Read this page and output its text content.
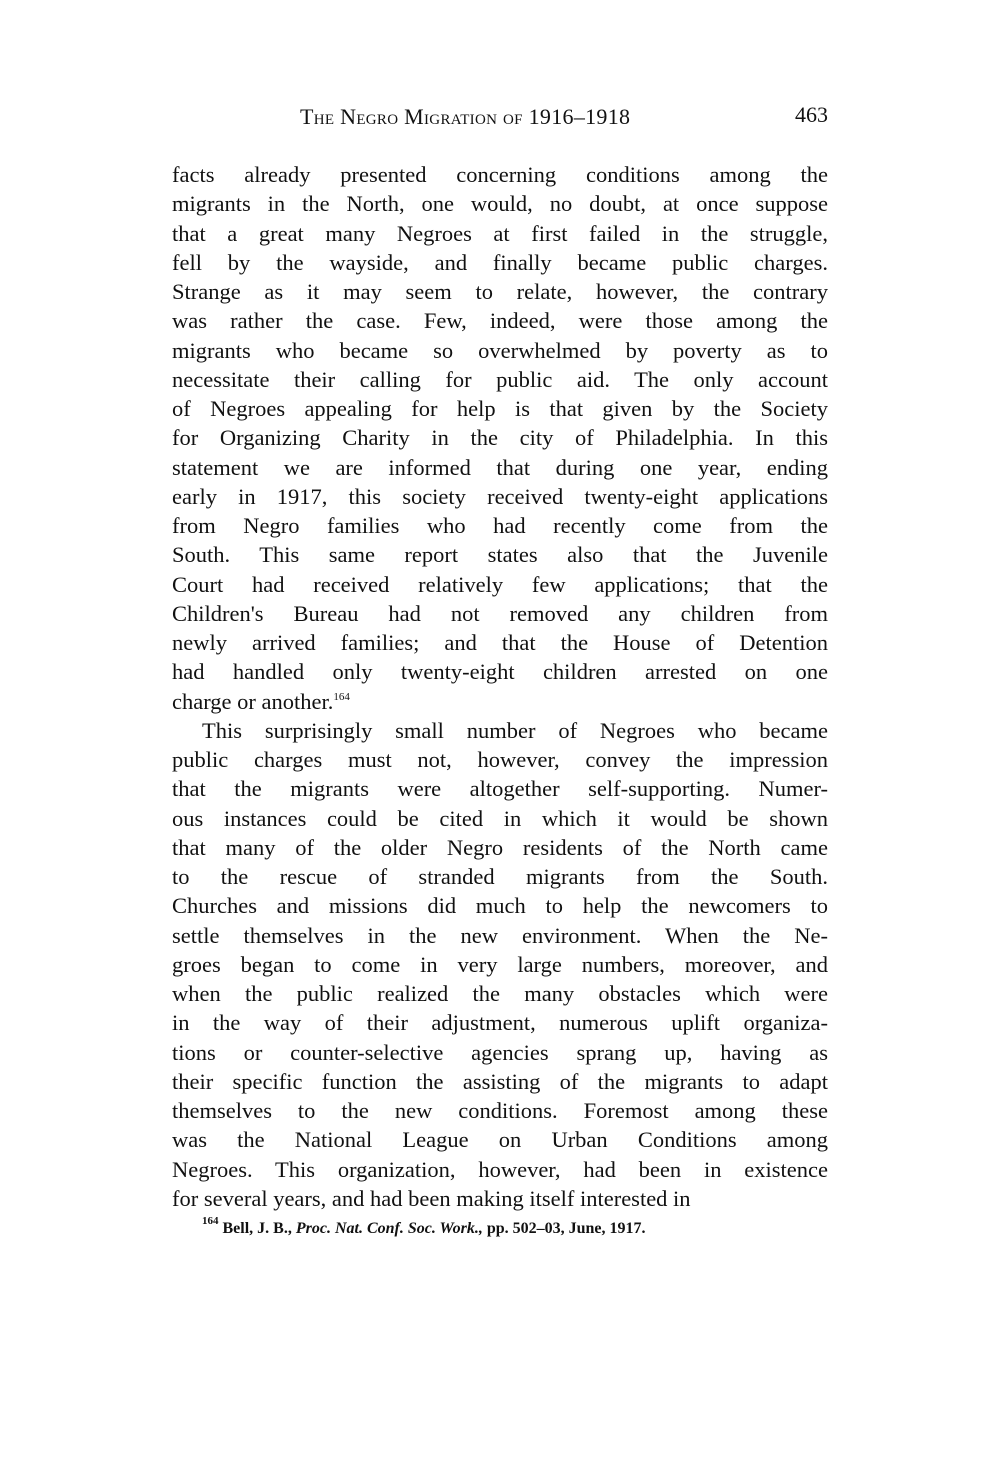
The Negro Migration of 1916–1918	463
facts already presented concerning conditions among the
migrants in the North, one would, no doubt, at once suppose
that a great many Negroes at first failed in the struggle,
fell by the wayside, and finally became public charges.
Strange as it may seem to relate, however, the contrary
was rather the case. Few, indeed, were those among the
migrants who became so overwhelmed by poverty as to
necessitate their calling for public aid. The only account
of Negroes appealing for help is that given by the Society
for Organizing Charity in the city of Philadelphia. In this
statement we are informed that during one year, ending
early in 1917, this society received twenty-eight applications
from Negro families who had recently come from the
South. This same report states also that the Juvenile
Court had received relatively few applications; that the
Children's Bureau had not removed any children from
newly arrived families; and that the House of Detention
had handled only twenty-eight children arrested on one
charge or another.$^{164}$
This surprisingly small number of Negroes who became
public charges must not, however, convey the impression
that the migrants were altogether self-supporting. Numer-
ous instances could be cited in which it would be shown
that many of the older Negro residents of the North came
to the rescue of stranded migrants from the South.
Churches and missions did much to help the newcomers to
settle themselves in the new environment. When the Ne-
groes began to come in very large numbers, moreover, and
when the public realized the many obstacles which were
in the way of their adjustment, numerous uplift organiza-
tions or counter-selective agencies sprang up, having as
their specific function the assisting of the migrants to adapt
themselves to the new conditions. Foremost among these
was the National League on Urban Conditions among
Negroes. This organization, however, had been in existence
for several years, and had been making itself interested in
$^{164}$ Bell, J. B., Proc. Nat. Conf. Soc. Work., pp. 502–03, June, 1917.
